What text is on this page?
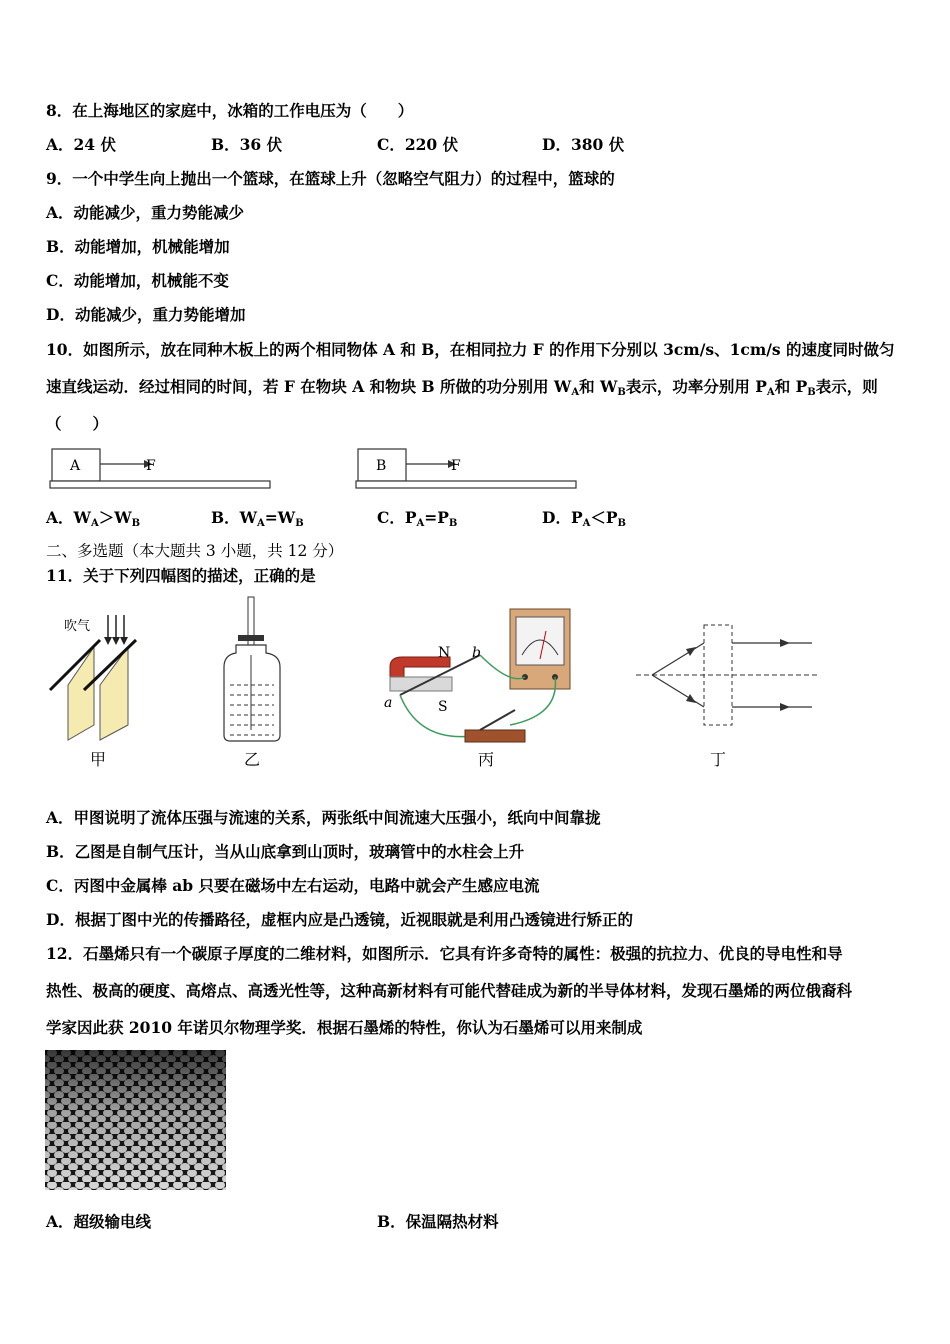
8．在上海地区的家庭中，冰箱的工作电压为（　　）
A．24 伏	B．36 伏	C．220 伏	D．380 伏
9．一个中学生向上抛出一个篮球，在篮球上升（忽略空气阻力）的过程中，篮球的
A．动能减少，重力势能减少
B．动能增加，机械能增加
C．动能增加，机械能不变
D．动能减少，重力势能增加
10．如图所示，放在同种木板上的两个相同物体 A 和 B，在相同拉力 F 的作用下分别以 3cm/s、1cm/s 的速度同时做匀
速直线运动．经过相同的时间，若 F 在物块 A 和物块 B 所做的功分别用 $W_A$和 $W_B$表示，功率分别用 $P_A$和 $P_B$表示，则
（　　）
A	F	B	F
A．$W_A>W_B$	B．$W_A=W_B$	C．$P_A=P_B$	D．$P_A<P_B$
二、多选题（本大题共 3 小题，共 12 分）
11．关于下列四幅图的描述，正确的是
吹气
甲	乙
N
S
a
b
丙	丁
A．甲图说明了流体压强与流速的关系，两张纸中间流速大压强小，纸向中间靠拢
B．乙图是自制气压计，当从山底拿到山顶时，玻璃管中的水柱会上升
C．丙图中金属棒 ab 只要在磁场中左右运动，电路中就会产生感应电流
D．根据丁图中光的传播路径，虚框内应是凸透镜，近视眼就是利用凸透镜进行矫正的
12．石墨烯只有一个碳原子厚度的二维材料，如图所示．它具有许多奇特的属性：极强的抗拉力、优良的导电性和导
热性、极高的硬度、高熔点、高透光性等，这种高新材料有可能代替硅成为新的半导体材料，发现石墨烯的两位俄裔科
学家因此获 2010 年诺贝尔物理学奖．根据石墨烯的特性，你认为石墨烯可以用来制成
A．超级输电线	B．保温隔热材料
